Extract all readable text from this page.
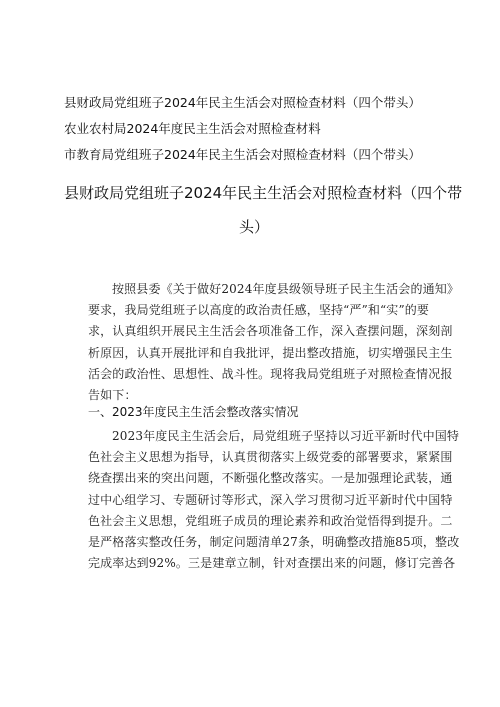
县财政局党组班子2024年民主生活会对照检查材料（四个带头）
农业农村局2024年度民主生活会对照检查材料
市教育局党组班子2024年民主生活会对照检查材料（四个带头）
县财政局党组班子2024年民主生活会对照检查材料（四个带
头）
按照县委《关于做好2024年度县级领导班子民主生活会的通知》
要求，我局党组班子以高度的政治责任感，坚持“严”和“实”的要
求，认真组织开展民主生活会各项准备工作，深入查摆问题，深刻剖
析原因，认真开展批评和自我批评，提出整改措施，切实增强民主生
活会的政治性、思想性、战斗性。现将我局党组班子对照检查情况报
告如下：
一、2023年度民主生活会整改落实情况
2023年度民主生活会后，局党组班子坚持以习近平新时代中国特
色社会主义思想为指导，认真贯彻落实上级党委的部署要求，紧紧围
绕查摆出来的突出问题，不断强化整改落实。一是加强理论武装，通
过中心组学习、专题研讨等形式，深入学习贯彻习近平新时代中国特
色社会主义思想，党组班子成员的理论素养和政治觉悟得到提升。二
是严格落实整改任务，制定问题清单27条，明确整改措施85项，整改
完成率达到92%。三是建章立制，针对查摆出来的问题，修订完善各
